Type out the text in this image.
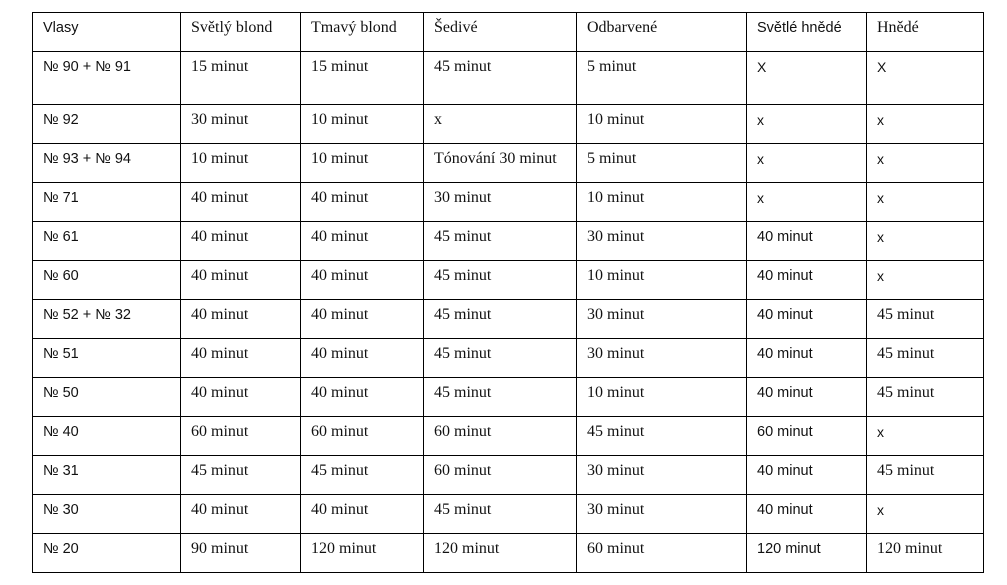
Vlasy	Světlý blond	Tmavý blond	Šedivé	Odbarvené	Světlé hnědé	Hnědé
№ 90 + № 91	15 minut	15 minut	45 minut	5 minut	X	X
№ 92	30 minut	10 minut	x	10 minut	x	x
№ 93 + № 94	10 minut	10 minut	Tónování 30 minut	5 minut	x	x
№ 71	40 minut	40 minut	30 minut	10 minut	x	x
№ 61	40 minut	40 minut	45 minut	30 minut	40 minut	x
№ 60	40 minut	40 minut	45 minut	10 minut	40 minut	x
№ 52 + № 32	40 minut	40 minut	45 minut	30 minut	40 minut	45 minut
№ 51	40 minut	40 minut	45 minut	30 minut	40 minut	45 minut
№ 50	40 minut	40 minut	45 minut	10 minut	40 minut	45 minut
№ 40	60 minut	60 minut	60 minut	45 minut	60 minut	x
№ 31	45 minut	45 minut	60 minut	30 minut	40 minut	45 minut
№ 30	40 minut	40 minut	45 minut	30 minut	40 minut	x
№ 20	90 minut	120 minut	120 minut	60 minut	120 minut	120 minut
